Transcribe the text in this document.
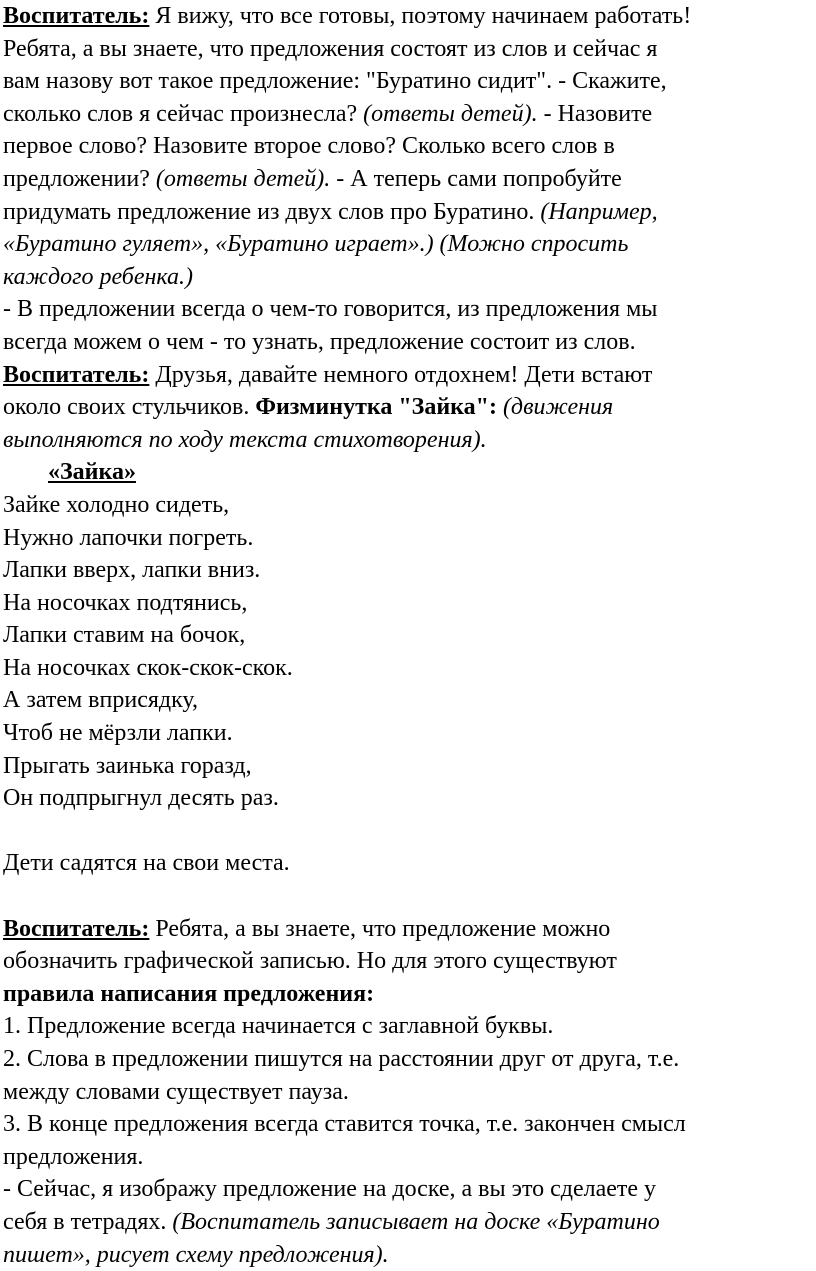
Воспитатель: Я вижу, что все готовы, поэтому начинаем работать!
Ребята, а вы знаете, что предложения состоят из слов и сейчас я
вам назову вот такое предложение: "Буратино сидит". - Скажите,
сколько слов я сейчас произнесла? (ответы детей). - Назовите
первое слово? Назовите второе слово? Сколько всего слов в
предложении? (ответы детей). - А теперь сами попробуйте
придумать предложение из двух слов про Буратино. (Например,
«Буратино гуляет», «Буратино играет».) (Можно спросить
каждого ребенка.)
- В предложении всегда о чем-то говорится, из предложения мы
всегда можем о чем - то узнать, предложение состоит из слов.
Воспитатель: Друзья, давайте немного отдохнем! Дети встают
около своих стульчиков. Физминутка "Зайка": (движения
выполняются по ходу текста стихотворения).
«Зайка»
Зайке холодно сидеть,
Нужно лапочки погреть.
Лапки вверх, лапки вниз.
На носочках подтянись,
Лапки ставим на бочок,
На носочках скок-скок-скок.
А затем вприсядку,
Чтоб не мёрзли лапки.
Прыгать заинька горазд,
Он подпрыгнул десять раз.
Дети садятся на свои места.
Воспитатель: Ребята, а вы знаете, что предложение можно
обозначить графической записью. Но для этого существуют
правила написания предложения:
1. Предложение всегда начинается с заглавной буквы.
2. Слова в предложении пишутся на расстоянии друг от друга, т.е.
между словами существует пауза.
3. В конце предложения всегда ставится точка, т.е. закончен смысл
предложения.
- Сейчас, я изображу предложение на доске, а вы это сделаете у
себя в тетрадях. (Воспитатель записывает на доске «Буратино
пишет», рисует схему предложения).
